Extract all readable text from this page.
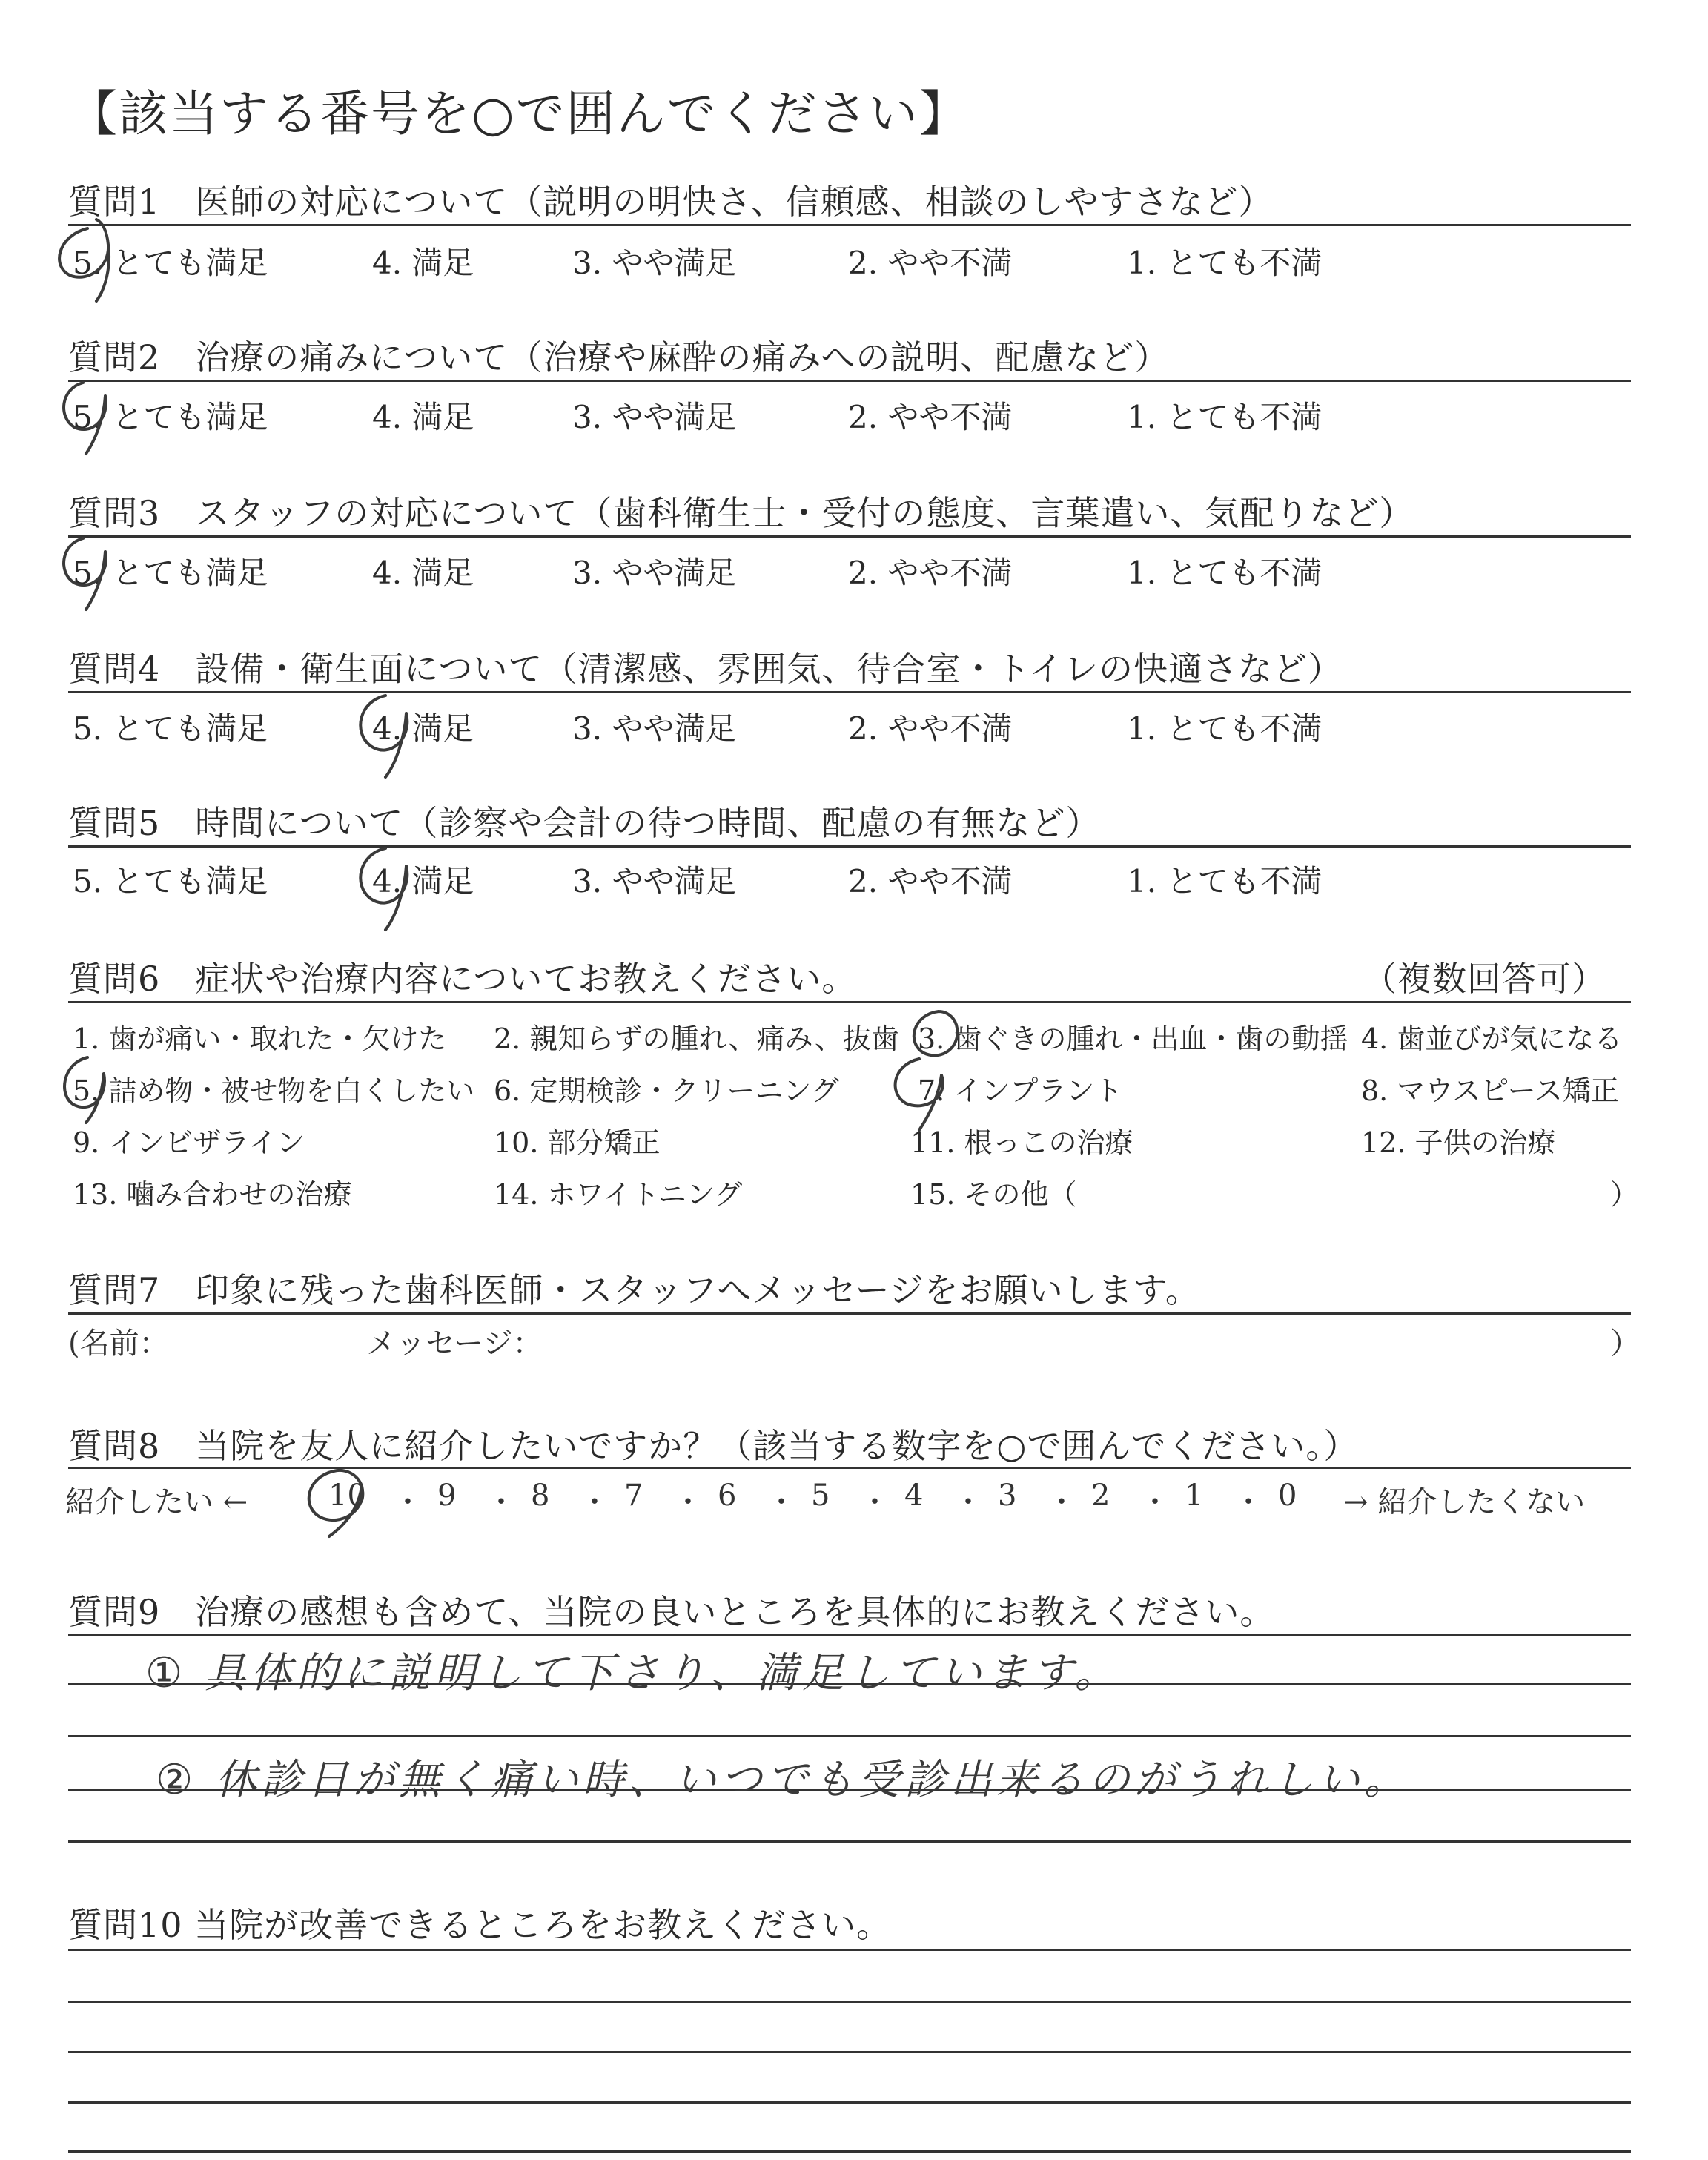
【該当する番号を○で囲んでください】
質問1　医師の対応について（説明の明快さ、信頼感、相談のしやすさなど）
5. とても満足	4. 満足	3. やや満足	2. やや不満	1. とても不満
質問2　治療の痛みについて（治療や麻酔の痛みへの説明、配慮など）
5. とても満足	4. 満足	3. やや満足	2. やや不満	1. とても不満
質問3　スタッフの対応について（歯科衛生士・受付の態度、言葉遣い、気配りなど）
5. とても満足	4. 満足	3. やや満足	2. やや不満	1. とても不満
質問4　設備・衛生面について（清潔感、雰囲気、待合室・トイレの快適さなど）
5. とても満足	4. 満足	3. やや満足	2. やや不満	1. とても不満
質問5　時間について（診察や会計の待つ時間、配慮の有無など）
5. とても満足	4. 満足	3. やや満足	2. やや不満	1. とても不満
質問6　症状や治療内容についてお教えください。	（複数回答可）
1. 歯が痛い・取れた・欠けた 2. 親知らずの腫れ、痛み、抜歯 3. 歯ぐきの腫れ・出血・歯の動揺 4. 歯並びが気になる
5. 詰め物・被せ物を白くしたい 6. 定期検診・クリーニング	7. インプラント	8. マウスピース矯正
9. インビザライン	10. 部分矯正	11. 根っこの治療	12. 子供の治療
13. 噛み合わせの治療	14. ホワイトニング	15. その他（	）
質問7　印象に残った歯科医師・スタッフへメッセージをお願いします。
(名前：	メッセージ：	）
質問8　当院を友人に紹介したいですか？（該当する数字を○で囲んでください。）
紹介したい ←	10 ・ 9 ・ 8 ・ 7 ・ 6 ・ 5 ・ 4 ・ 3 ・ 2 ・ 1 ・ 0 → 紹介したくない
質問9　治療の感想も含めて、当院の良いところを具体的にお教えください。
① 具体的に説明して下さり、満足しています。
② 休診日が無く痛い時、いつでも受診出来るのがうれしい。
質問10 当院が改善できるところをお教えください。
